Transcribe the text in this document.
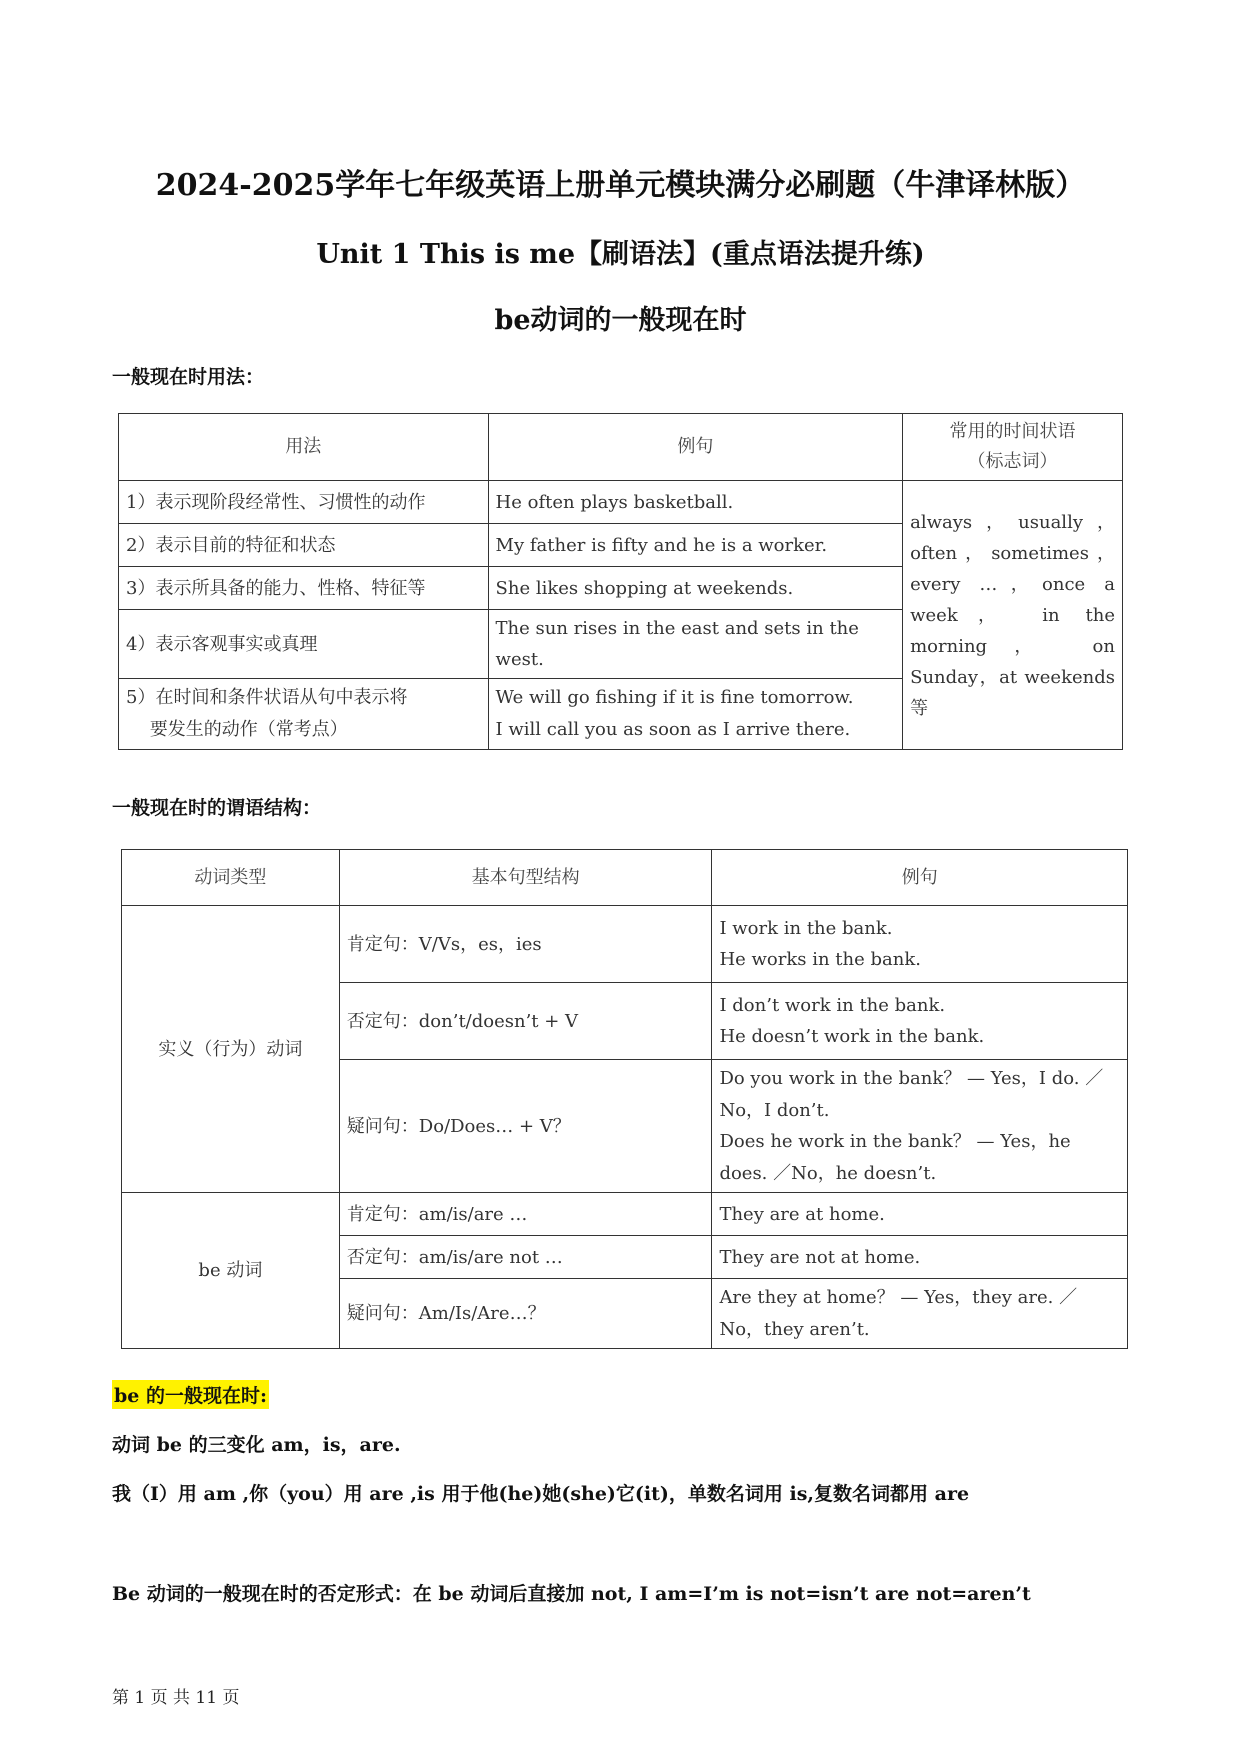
2024-2025学年七年级英语上册单元模块满分必刷题（牛津译林版）
Unit 1 This is me【刷语法】(重点语法提升练)
be动词的一般现在时
一般现在时用法：
用法	例句	常用的时间状语
（标志词）
1）表示现阶段经常性、习惯性的动作	He often plays basketball.	always，usually，often，sometimes， every …，once a week， in the morning， on Sunday，at weekends 等
2）表示目前的特征和状态	My father is fifty and he is a worker.	
3）表示所具备的能力、性格、特征等	She likes shopping at weekends.	
4）表示客观事实或真理	The sun rises in the east and sets in the west.	
5）在时间和条件状语从句中表示将
　 要发生的动作（常考点）	We will go fishing if it is fine tomorrow.
I will call you as soon as I arrive there.	
一般现在时的谓语结构：
动词类型	基本句型结构	例句
实义（行为）动词	肯定句：V/Vs，es，ies	I work in the bank.
He works in the bank.
	否定句：don’t/doesn’t + V	I don’t work in the bank.
He doesn’t work in the bank.
	疑问句：Do/Does… + V？	Do you work in the bank？ — Yes，I do. ／No，I don’t.
Does he work in the bank？ — Yes，he does. ／No，he doesn’t.
be 动词	肯定句：am/is/are …	They are at home.
	否定句：am/is/are not …	They are not at home.
	疑问句：Am/Is/Are…？	Are they at home？ — Yes，they are. ／No，they aren’t.
be 的一般现在时:
动词 be 的三变化 am，is，are.
我（I）用 am ,你（you）用 are ,is 用于他(he)她(she)它(it)，单数名词用 is,复数名词都用 are
Be 动词的一般现在时的否定形式：在 be 动词后直接加 not, I am=I’m is not=isn’t are not=aren’t
第 1 页 共 11 页
